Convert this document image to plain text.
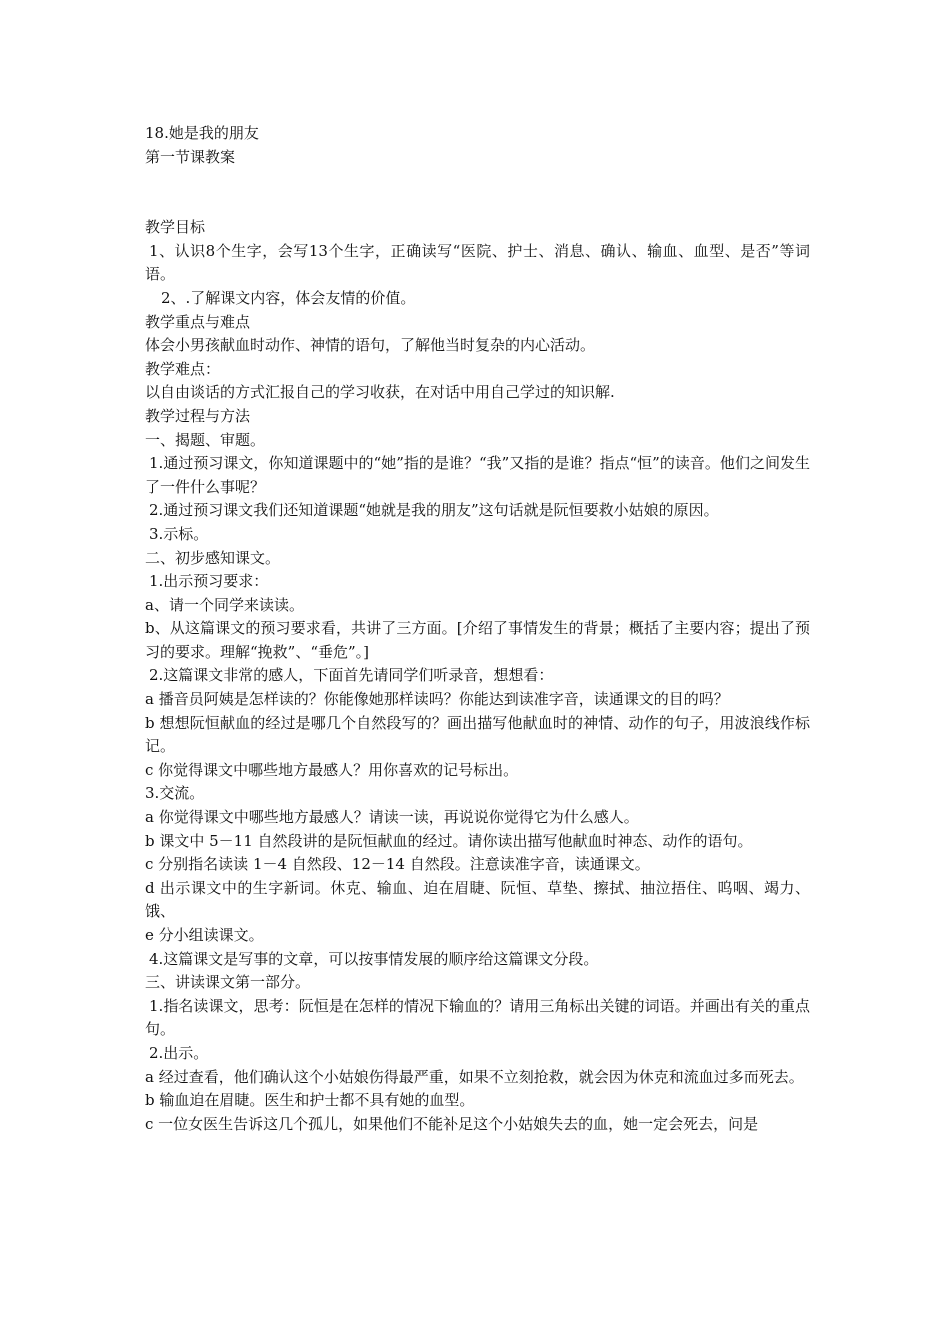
18.她是我的朋友

第一节课教案

教学目标

1、认识8个生字，会写13个生字，正确读写“医院、护士、消息、确认、输血、血型、是否”等词语。

2、.了解课文内容，体会友情的价值。

教学重点与难点

体会小男孩献血时动作、神情的语句，了解他当时复杂的内心活动。

教学难点：

以自由谈话的方式汇报自己的学习收获，在对话中用自己学过的知识解.

教学过程与方法

一、揭题、审题。

1.通过预习课文，你知道课题中的“她”指的是谁？“我”又指的是谁？指点“恒”的读音。他们之间发生了一件什么事呢？

2.通过预习课文我们还知道课题“她就是我的朋友”这句话就是阮恒要救小姑娘的原因。

3.示标。

二、初步感知课文。

1.出示预习要求：

a、请一个同学来读读。

b、从这篇课文的预习要求看，共讲了三方面。[介绍了事情发生的背景；概括了主要内容；提出了预习的要求。理解“挽救”、“垂危”。]

2.这篇课文非常的感人，下面首先请同学们听录音，想想看：

a 播音员阿姨是怎样读的？你能像她那样读吗？你能达到读准字音，读通课文的目的吗？

b 想想阮恒献血的经过是哪几个自然段写的？画出描写他献血时的神情、动作的句子，用波浪线作标记。

c 你觉得课文中哪些地方最感人？用你喜欢的记号标出。

3.交流。

a 你觉得课文中哪些地方最感人？请读一读，再说说你觉得它为什么感人。

b 课文中 5－11 自然段讲的是阮恒献血的经过。请你读出描写他献血时神态、动作的语句。

c 分别指名读读 1－4 自然段、12－14 自然段。注意读准字音，读通课文。

d 出示课文中的生字新词。休克、输血、迫在眉睫、阮恒、草垫、擦拭、抽泣捂住、呜咽、竭力、饿、

e 分小组读课文。

4.这篇课文是写事的文章，可以按事情发展的顺序给这篇课文分段。

三、讲读课文第一部分。

1.指名读课文，思考：阮恒是在怎样的情况下输血的？请用三角标出关键的词语。并画出有关的重点句。

2.出示。

a 经过查看，他们确认这个小姑娘伤得最严重，如果不立刻抢救，就会因为休克和流血过多而死去。

b 输血迫在眉睫。医生和护士都不具有她的血型。

c 一位女医生告诉这几个孤儿，如果他们不能补足这个小姑娘失去的血，她一定会死去，问是
